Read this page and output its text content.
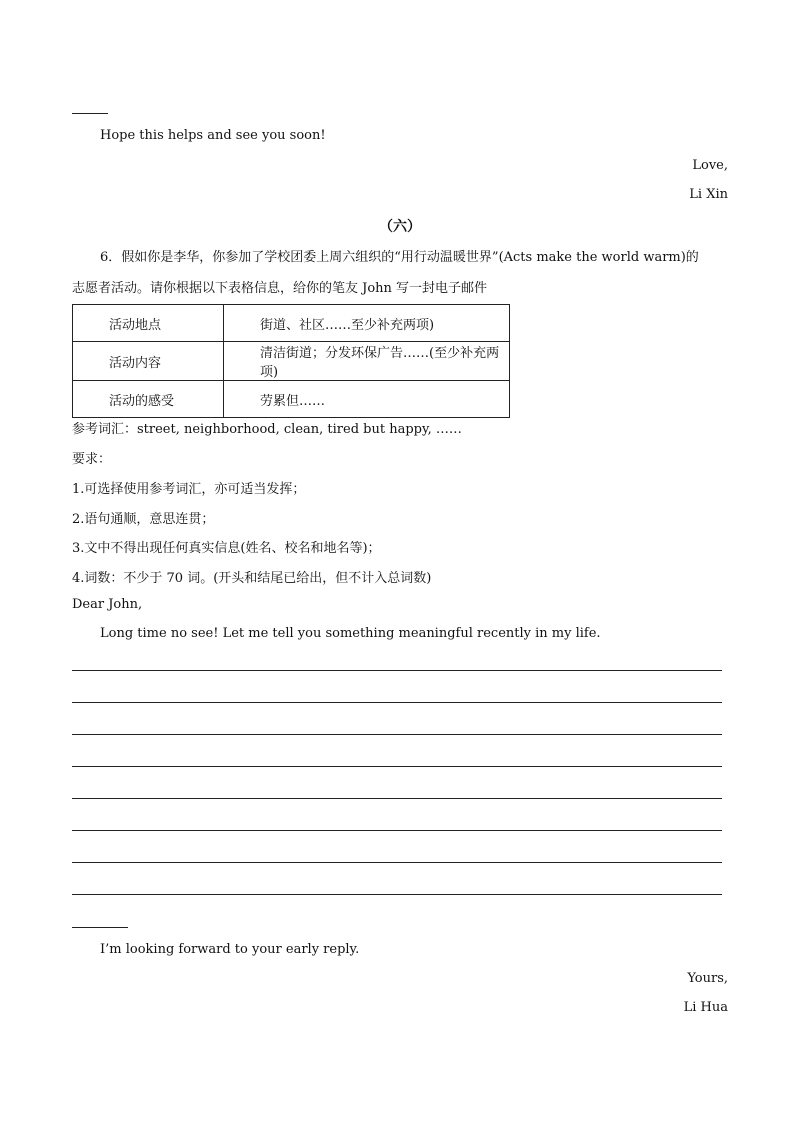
Hope this helps and see you soon!
Love,
Li Xin
（六）
6．假如你是李华，你参加了学校团委上周六组织的“用行动温暖世界”(Acts make the world warm)的
志愿者活动。请你根据以下表格信息，给你的笔友 John 写一封电子邮件
活动地点	街道、社区……至少补充两项)
活动内容	清洁街道；分发环保广告……(至少补充两项)
活动的感受	劳累但……
参考词汇：street, neighborhood, clean, tired but happy, ……
要求：
1.可选择使用参考词汇，亦可适当发挥；
2.语句通顺，意思连贯；
3.文中不得出现任何真实信息(姓名、校名和地名等)；
4.词数：不少于 70 词。(开头和结尾已给出，但不计入总词数)
Dear John,
Long time no see! Let me tell you something meaningful recently in my life.
I’m looking forward to your early reply.
Yours,
Li Hua
